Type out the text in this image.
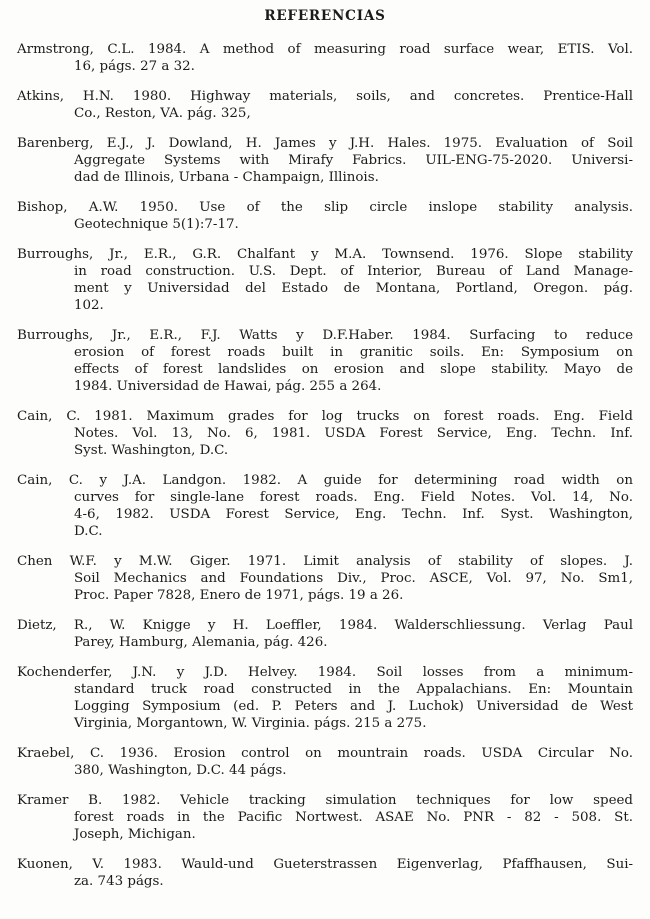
REFERENCIAS
Armstrong, C.L. 1984. A method of measuring road surface wear, ETIS. Vol.
16, págs. 27 a 32.
Atkins, H.N. 1980. Highway materials, soils, and concretes. Prentice-Hall
Co., Reston, VA. pág. 325,
Barenberg, E.J., J. Dowland, H. James y J.H. Hales. 1975. Evaluation of Soil
Aggregate Systems with Mirafy Fabrics. UIL-ENG-75-2020. Universi-
dad de Illinois, Urbana - Champaign, Illinois.
Bishop, A.W. 1950. Use of the slip circle inslope stability analysis.
Geotechnique 5(1):7-17.
Burroughs, Jr., E.R., G.R. Chalfant y M.A. Townsend. 1976. Slope stability
in road construction. U.S. Dept. of Interior, Bureau of Land Manage-
ment y Universidad del Estado de Montana, Portland, Oregon. pág.
102.
Burroughs, Jr., E.R., F.J. Watts y D.F.Haber. 1984. Surfacing to reduce
erosion of forest roads built in granitic soils. En: Symposium on
effects of forest landslides on erosion and slope stability. Mayo de
1984. Universidad de Hawai, pág. 255 a 264.
Cain, C. 1981. Maximum grades for log trucks on forest roads. Eng. Field
Notes. Vol. 13, No. 6, 1981. USDA Forest Service, Eng. Techn. Inf.
Syst. Washington, D.C.
Cain, C. y J.A. Landgon. 1982. A guide for determining road width on
curves for single-lane forest roads. Eng. Field Notes. Vol. 14, No.
4-6, 1982. USDA Forest Service, Eng. Techn. Inf. Syst. Washington,
D.C.
Chen W.F. y M.W. Giger. 1971. Limit analysis of stability of slopes. J.
Soil Mechanics and Foundations Div., Proc. ASCE, Vol. 97, No. Sm1,
Proc. Paper 7828, Enero de 1971, págs. 19 a 26.
Dietz, R., W. Knigge y H. Loeffler, 1984. Walderschliessung. Verlag Paul
Parey, Hamburg, Alemania, pág. 426.
Kochenderfer, J.N. y J.D. Helvey. 1984. Soil losses from a minimum-
standard truck road constructed in the Appalachians. En: Mountain
Logging Symposium (ed. P. Peters and J. Luchok) Universidad de West
Virginia, Morgantown, W. Virginia. págs. 215 a 275.
Kraebel, C. 1936. Erosion control on mountrain roads. USDA Circular No.
380, Washington, D.C. 44 págs.
Kramer B. 1982. Vehicle tracking simulation techniques for low speed
forest roads in the Pacific Nortwest. ASAE No. PNR - 82 - 508. St.
Joseph, Michigan.
Kuonen, V. 1983. Wauld-und Gueterstrassen Eigenverlag, Pfaffhausen, Sui-
za. 743 págs.
